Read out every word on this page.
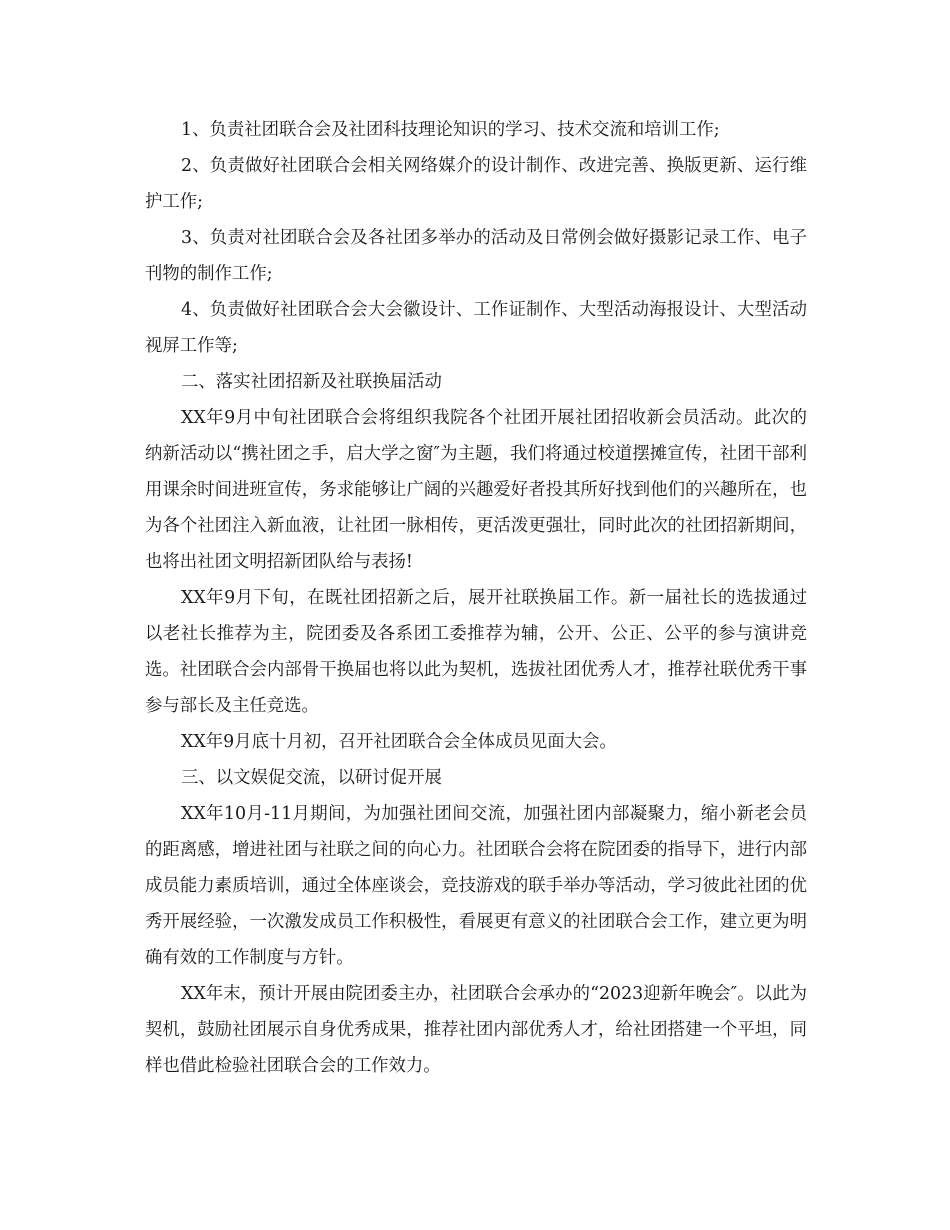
1、负责社团联合会及社团科技理论知识的学习、技术交流和培训工作;

2、负责做好社团联合会相关网络媒介的设计制作、改进完善、换版更新、运行维护工作;

3、负责对社团联合会及各社团多举办的活动及日常例会做好摄影记录工作、电子刊物的制作工作;

4、负责做好社团联合会大会徽设计、工作证制作、大型活动海报设计、大型活动视屏工作等;

二、落实社团招新及社联换届活动

XX年9月中旬社团联合会将组织我院各个社团开展社团招收新会员活动。此次的纳新活动以“携社团之手，启大学之窗″为主题，我们将通过校道摆摊宣传，社团干部利用课余时间进班宣传，务求能够让广阔的兴趣爱好者投其所好找到他们的兴趣所在，也为各个社团注入新血液，让社团一脉相传，更活泼更强壮，同时此次的社团招新期间，也将出社团文明招新团队给与表扬!

XX年9月下旬，在既社团招新之后，展开社联换届工作。新一届社长的选拔通过以老社长推荐为主，院团委及各系团工委推荐为辅，公开、公正、公平的参与演讲竞选。社团联合会内部骨干换届也将以此为契机，选拔社团优秀人才，推荐社联优秀干事参与部长及主任竞选。

XX年9月底十月初，召开社团联合会全体成员见面大会。

三、以文娱促交流，以研讨促开展

XX年10月-11月期间，为加强社团间交流，加强社团内部凝聚力，缩小新老会员的距离感，增进社团与社联之间的向心力。社团联合会将在院团委的指导下，进行内部成员能力素质培训，通过全体座谈会，竞技游戏的联手举办等活动，学习彼此社团的优秀开展经验，一次激发成员工作积极性，看展更有意义的社团联合会工作，建立更为明确有效的工作制度与方针。

XX年末，预计开展由院团委主办，社团联合会承办的“2023迎新年晚会″。以此为契机，鼓励社团展示自身优秀成果，推荐社团内部优秀人才，给社团搭建一个平坦，同样也借此检验社团联合会的工作效力。
